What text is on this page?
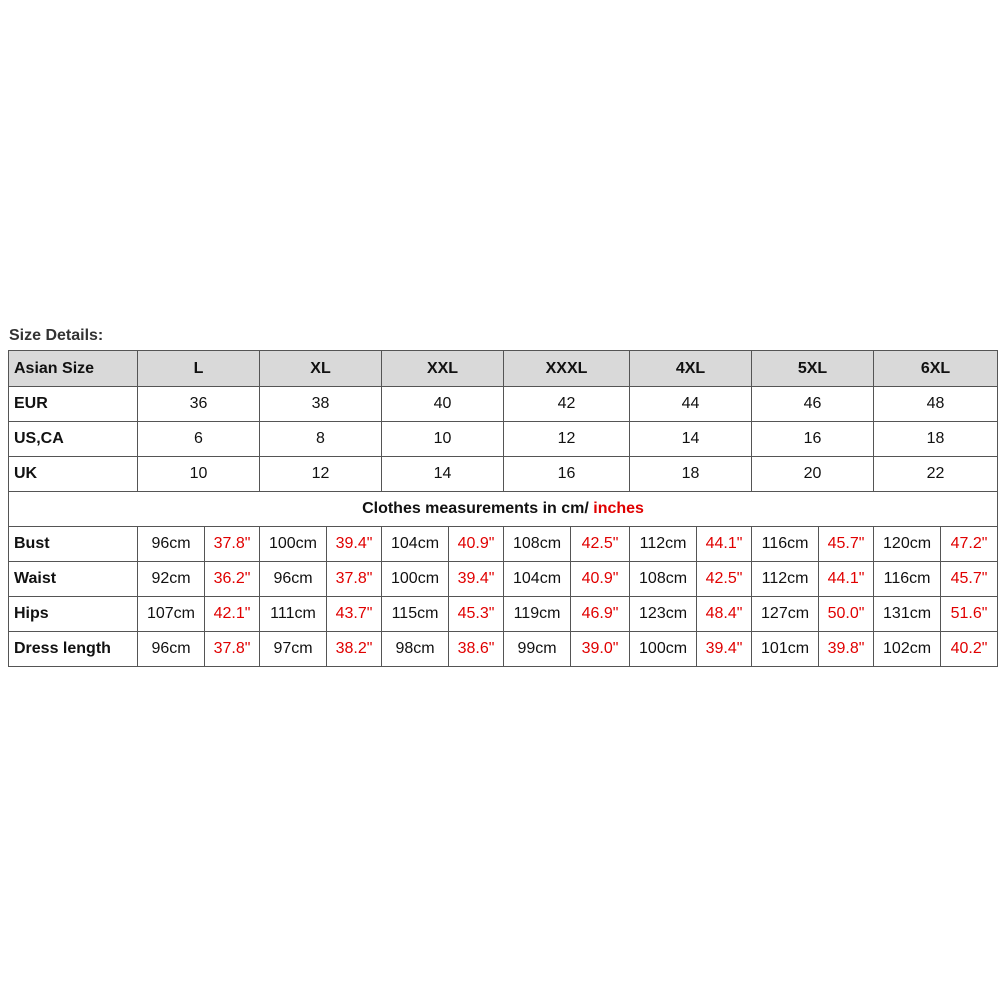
Size Details:
Asian Size	L		XL		XXL		XXXL		4XL		5XL		6XL	
EUR	36		38		40		42		44		46		48	
US,CA	6		8		10		12		14		16		18	
UK	10		12		14		16		18		20		22	
Clothes measurements in cm/ inches														
Bust	96cm	37.8"	100cm	39.4"	104cm	40.9"	108cm	42.5"	112cm	44.1"	116cm	45.7"	120cm	47.2"
Waist	92cm	36.2"	96cm	37.8"	100cm	39.4"	104cm	40.9"	108cm	42.5"	112cm	44.1"	116cm	45.7"
Hips	107cm	42.1"	111cm	43.7"	115cm	45.3"	119cm	46.9"	123cm	48.4"	127cm	50.0"	131cm	51.6"
Dress length	96cm	37.8"	97cm	38.2"	98cm	38.6"	99cm	39.0"	100cm	39.4"	101cm	39.8"	102cm	40.2"
